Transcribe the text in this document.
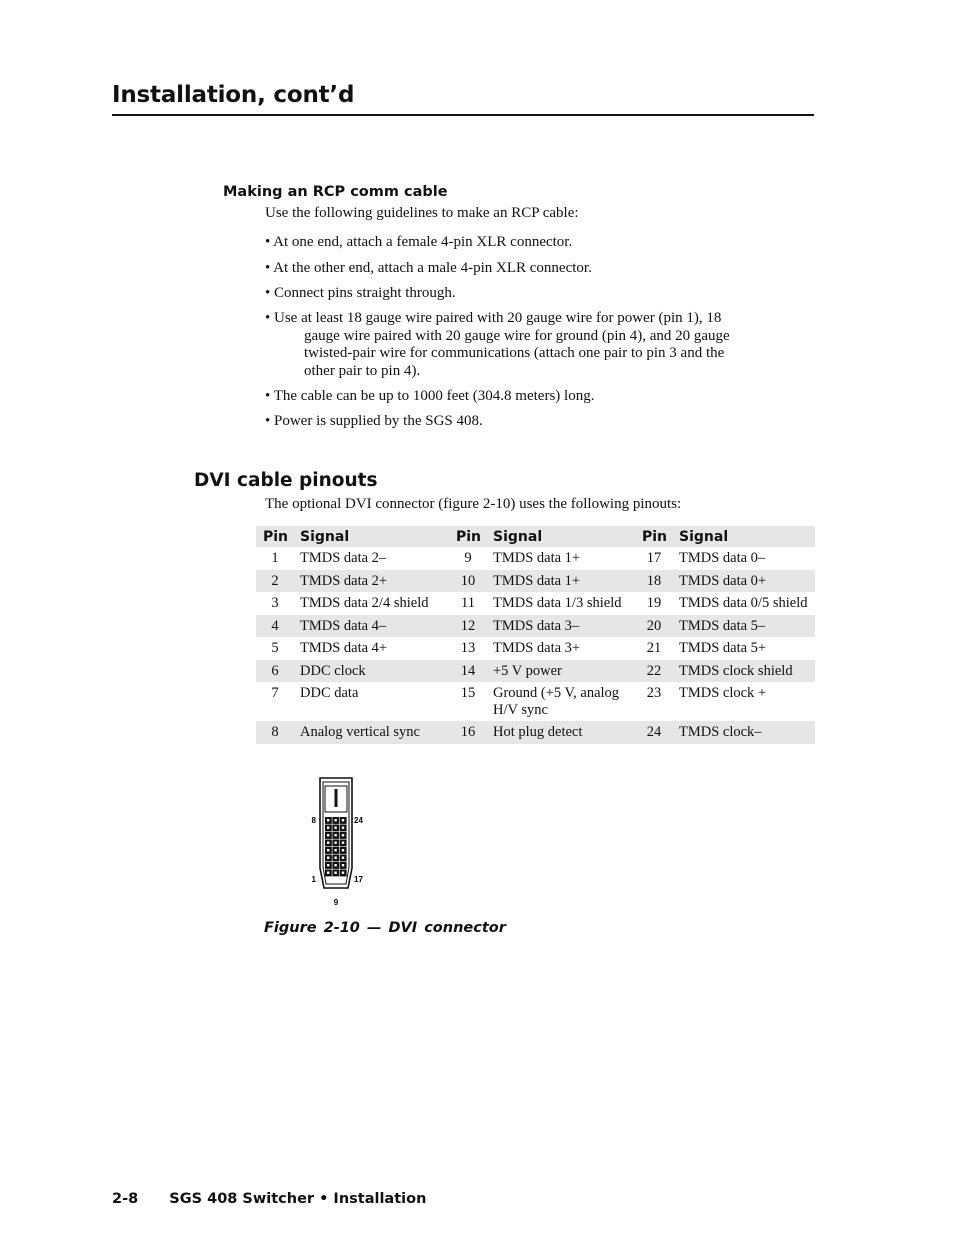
Installation, cont’d
Making an RCP comm cable
Use the following guidelines to make an RCP cable:
• At one end, attach a female 4-pin XLR connector.
• At the other end, attach a male 4-pin XLR connector.
• Connect pins straight through.
• Use at least 18 gauge wire paired with 20 gauge wire for power (pin 1), 18
gauge wire paired with 20 gauge wire for ground (pin 4), and 20 gauge
twisted-pair wire for communications (attach one pair to pin 3 and the
other pair to pin 4).
• The cable can be up to 1000 feet (304.8 meters) long.
• Power is supplied by the SGS 408.
DVI cable pinouts
The optional DVI connector (figure 2-10) uses the following pinouts:
Pin	Signal	Pin	Signal	Pin	Signal
1	TMDS data 2–	9	TMDS data 1+	17	TMDS data 0–
2	TMDS data 2+	10	TMDS data 1+	18	TMDS data 0+
3	TMDS data 2/4 shield	11	TMDS data 1/3 shield	19	TMDS data 0/5 shield
4	TMDS data 4–	12	TMDS data 3–	20	TMDS data 5–
5	TMDS data 4+	13	TMDS data 3+	21	TMDS data 5+
6	DDC clock	14	+5 V power	22	TMDS clock shield
7	DDC data	15	Ground (+5 V, analog H/V sync	23	TMDS clock +
8	Analog vertical sync	16	Hot plug detect	24	TMDS clock–
8	24
1	17
9
Figure 2-10 — DVI connector
2-8 SGS 408 Switcher • Installation
